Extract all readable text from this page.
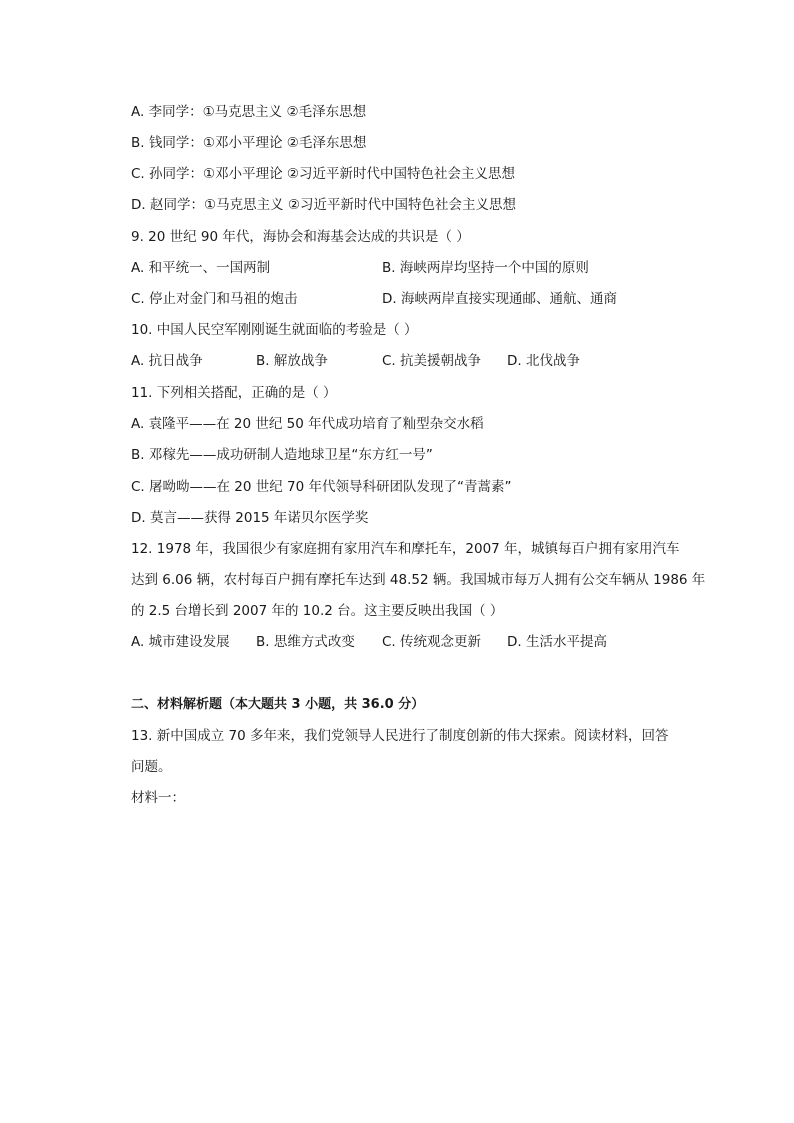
A. 李同学：①马克思主义 ②毛泽东思想
B. 钱同学：①邓小平理论 ②毛泽东思想
C. 孙同学：①邓小平理论 ②习近平新时代中国特色社会主义思想
D. 赵同学：①马克思主义 ②习近平新时代中国特色社会主义思想
9. 20 世纪 90 年代，海协会和海基会达成的共识是（ ）
A. 和平统一、一国两制	B. 海峡两岸均坚持一个中国的原则
C. 停止对金门和马祖的炮击	D. 海峡两岸直接实现通邮、通航、通商
10. 中国人民空军刚刚诞生就面临的考验是（ ）
A. 抗日战争	B. 解放战争	C. 抗美援朝战争 D. 北伐战争
11. 下列相关搭配，正确的是（ ）
A. 袁隆平——在 20 世纪 50 年代成功培育了籼型杂交水稻
B. 邓稼先——成功研制人造地球卫星“东方红一号”
C. 屠呦呦——在 20 世纪 70 年代领导科研团队发现了“青蒿素”
D. 莫言——获得 2015 年诺贝尔医学奖
12. 1978 年，我国很少有家庭拥有家用汽车和摩托车，2007 年，城镇每百户拥有家用汽车
达到 6.06 辆，农村每百户拥有摩托车达到 48.52 辆。我国城市每万人拥有公交车辆从 1986 年
的 2.5 台增长到 2007 年的 10.2 台。这主要反映出我国（ ）
A. 城市建设发展 B. 思维方式改变 C. 传统观念更新 D. 生活水平提高
二、材料解析题（本大题共 3 小题，共 36.0 分）
13. 新中国成立 70 多年来，我们党领导人民进行了制度创新的伟大探索。阅读材料，回答
问题。
材料一：
